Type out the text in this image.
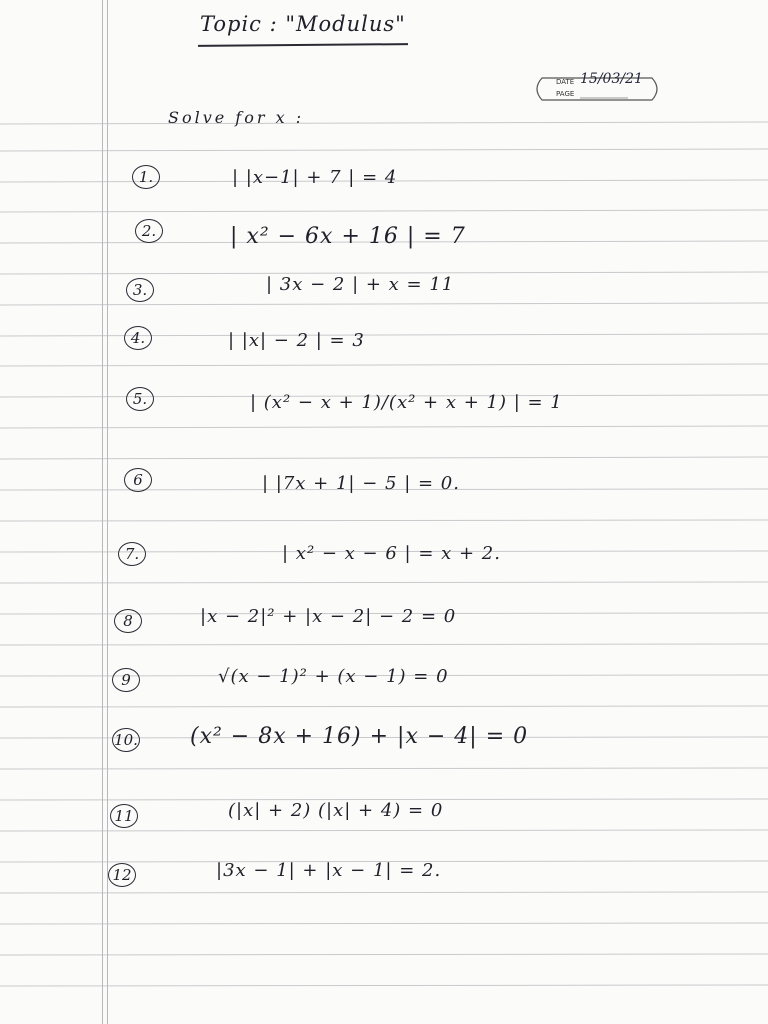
Topic : "Modulus"
DATE
PAGE
15/03/21
Solve for x :
1.	| |x−1| + 7 | = 4
2.	| x² − 6x + 16 | = 7
3.	| 3x − 2 | + x = 11
4.	| |x| − 2 | = 3
5.	| (x² − x + 1)/(x² + x + 1) | = 1
6	| |7x + 1| − 5 | = 0.
7.	| x² − x − 6 | = x + 2.
8	|x − 2|² + |x − 2| − 2 = 0
9	√(x − 1)² + (x − 1) = 0
10. (x² − 8x + 16) + |x − 4| = 0
11	(|x| + 2) (|x| + 4) = 0
12	|3x − 1| + |x − 1| = 2.
